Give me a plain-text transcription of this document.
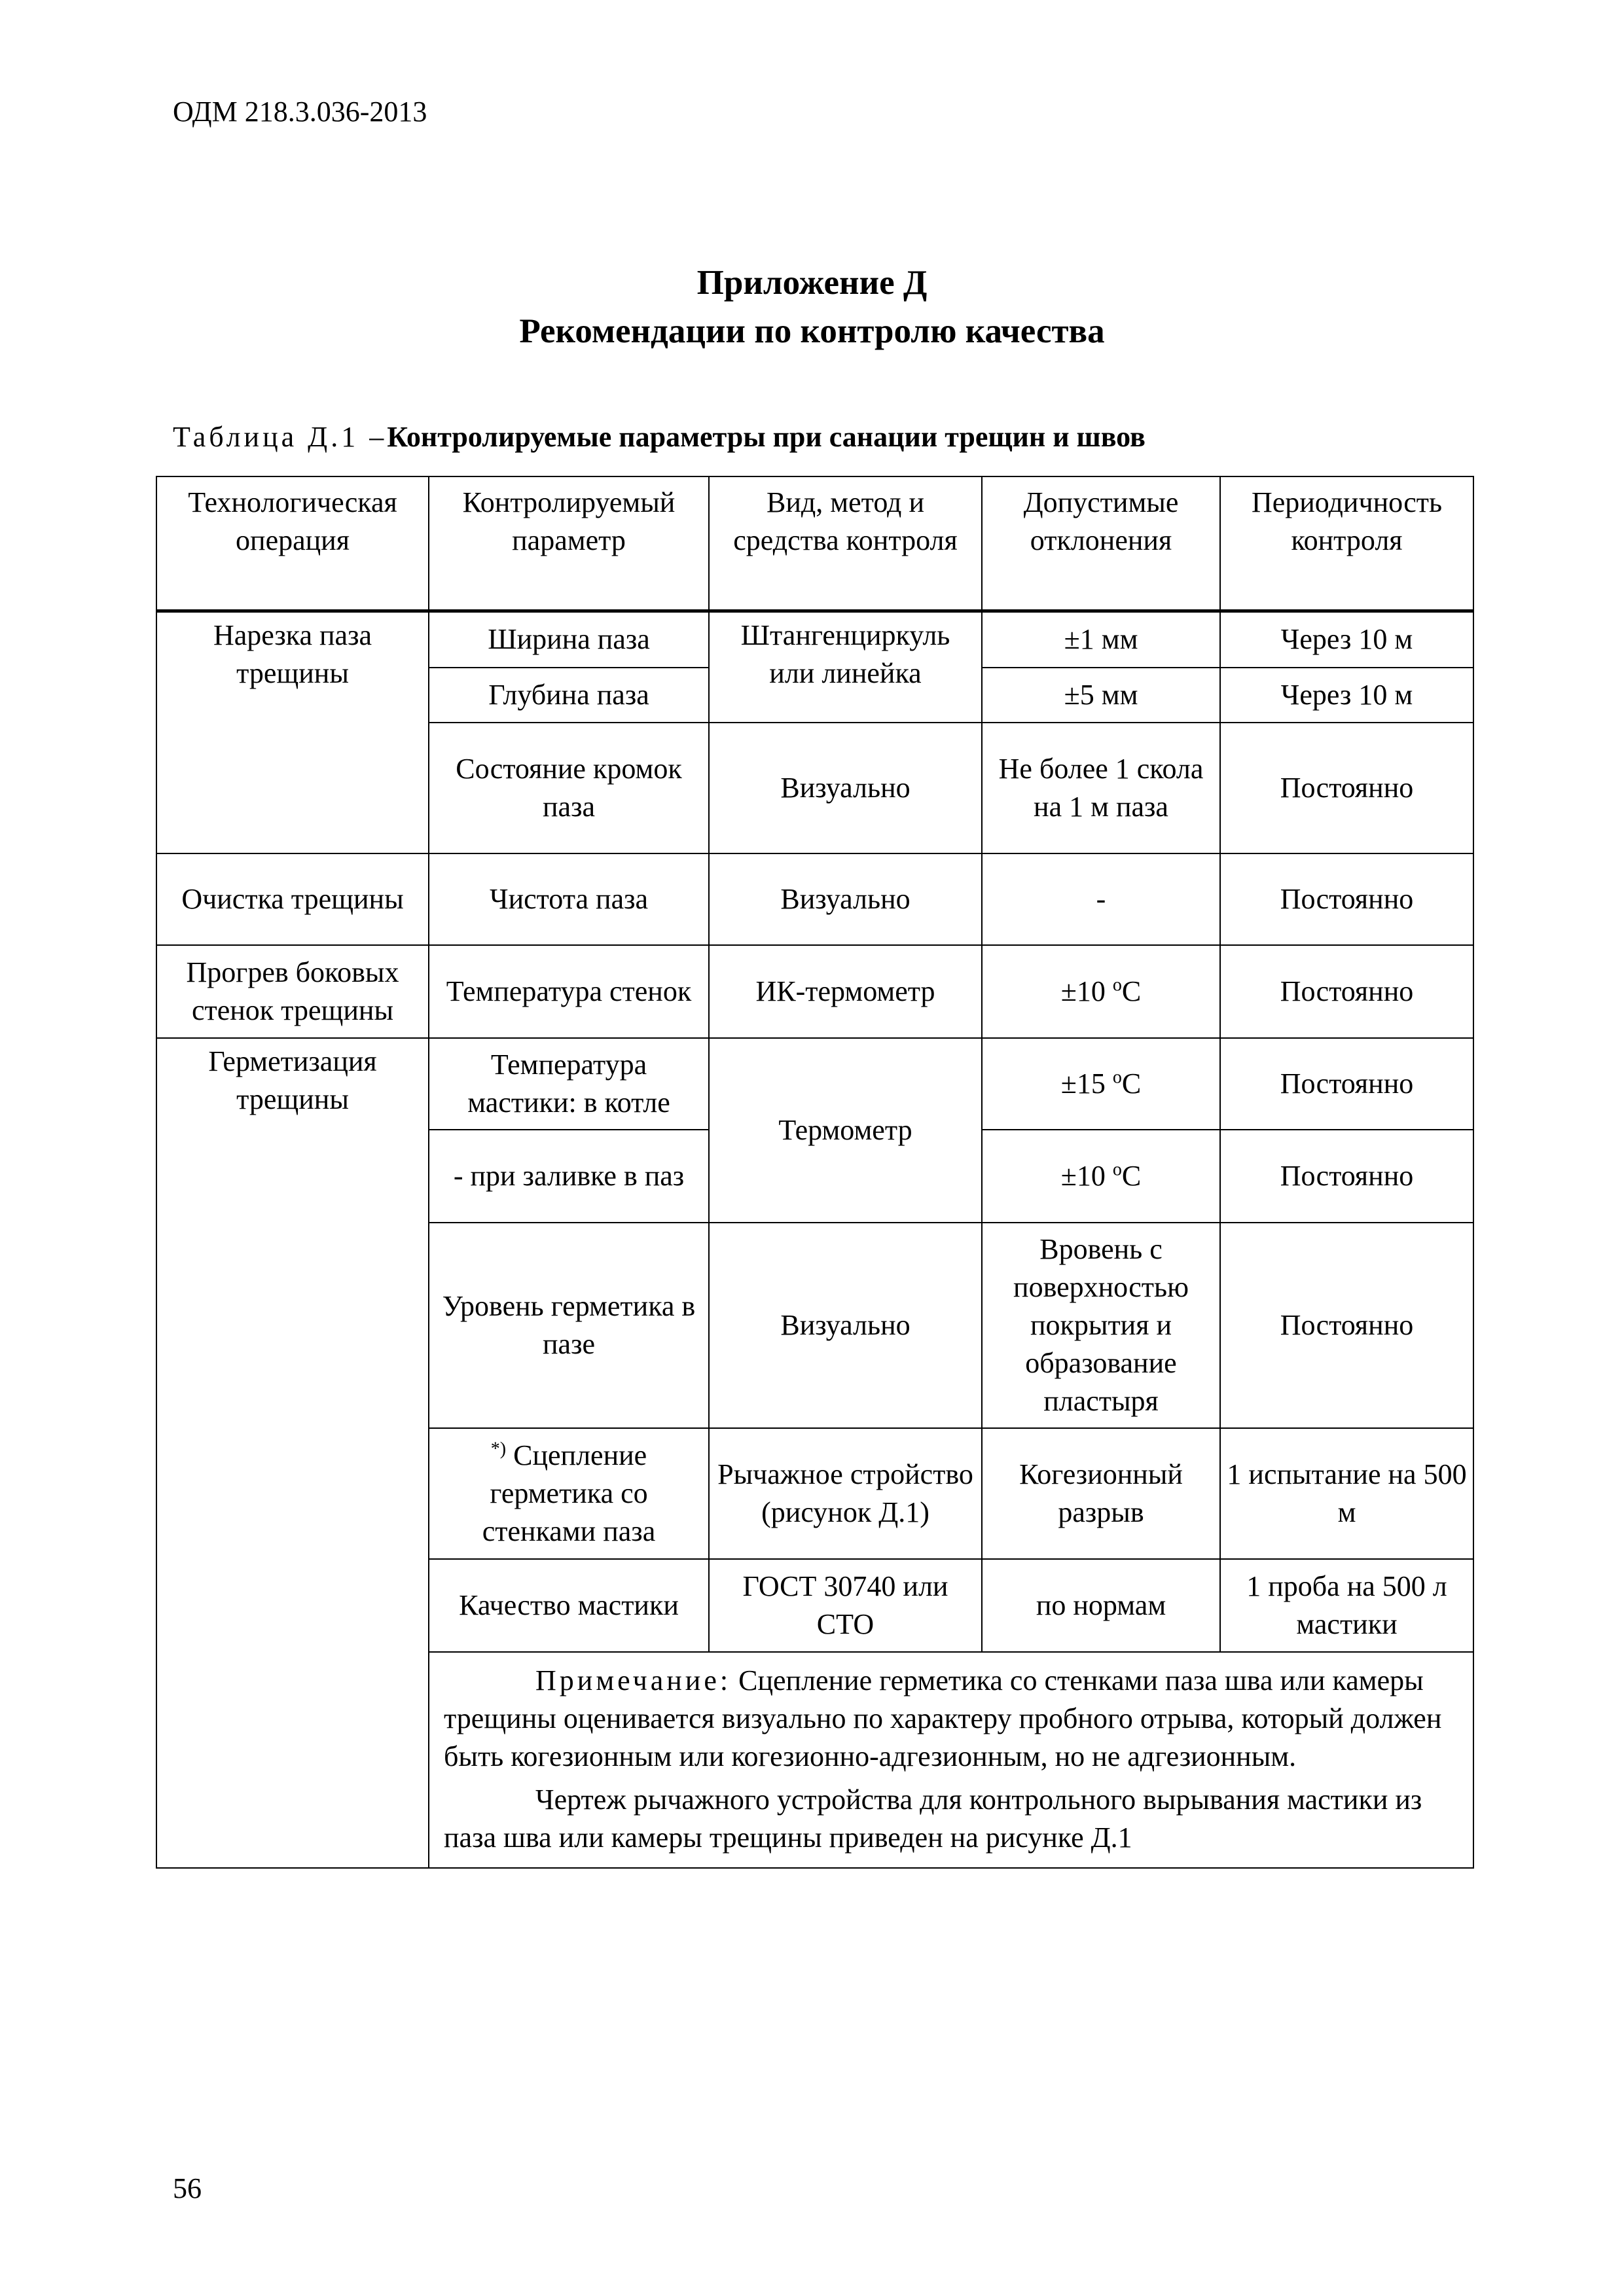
ОДМ 218.3.036-2013
Приложение Д
Рекомендации по контролю качества
Таблица Д.1 –Контролируемые параметры при санации трещин и швов
Технологическая операция	Контролируемый параметр	Вид, метод и средства контроля	Допустимые отклонения	Периодичность контроля
Нарезка паза трещины	Ширина паза	Штангенциркуль или линейка	±1 мм	Через 10 м
	Глубина паза		±5 мм	Через 10 м
	Состояние кромок паза	Визуально	Не более 1 скола на 1 м паза	Постоянно
Очистка трещины	Чистота паза	Визуально	-	Постоянно
Прогрев боковых стенок трещины	Температура стенок	ИК-термометр	±10 $^о$С	Постоянно
Герметизация трещины	Температура мастики: в котле	Термометр	±15 $^о$С	Постоянно
	- при заливке в паз		±10 $^о$С	Постоянно
	Уровень герметика в пазе	Визуально	Вровень с поверхностью покрытия и образование пластыря	Постоянно
	*) Сцепление герметика со стенками паза	Рычажное стройство (рисунок Д.1)	Когезионный разрыв	1 испытание на 500 м
	Качество мастики	ГОСТ 30740 или СТО	по нормам	1 проба на 500 л мастики

	Примечание: Сцепление герметика со стенками паза шва или камеры трещины оценивается визуально по характеру пробного отрыва, который должен быть когезионным или когезионно-адгезионным, но не адгезионным.

Чертеж рычажного устройства для контрольного вырывания мастики из паза шва или камеры трещины приведен на рисунке Д.1			

56
